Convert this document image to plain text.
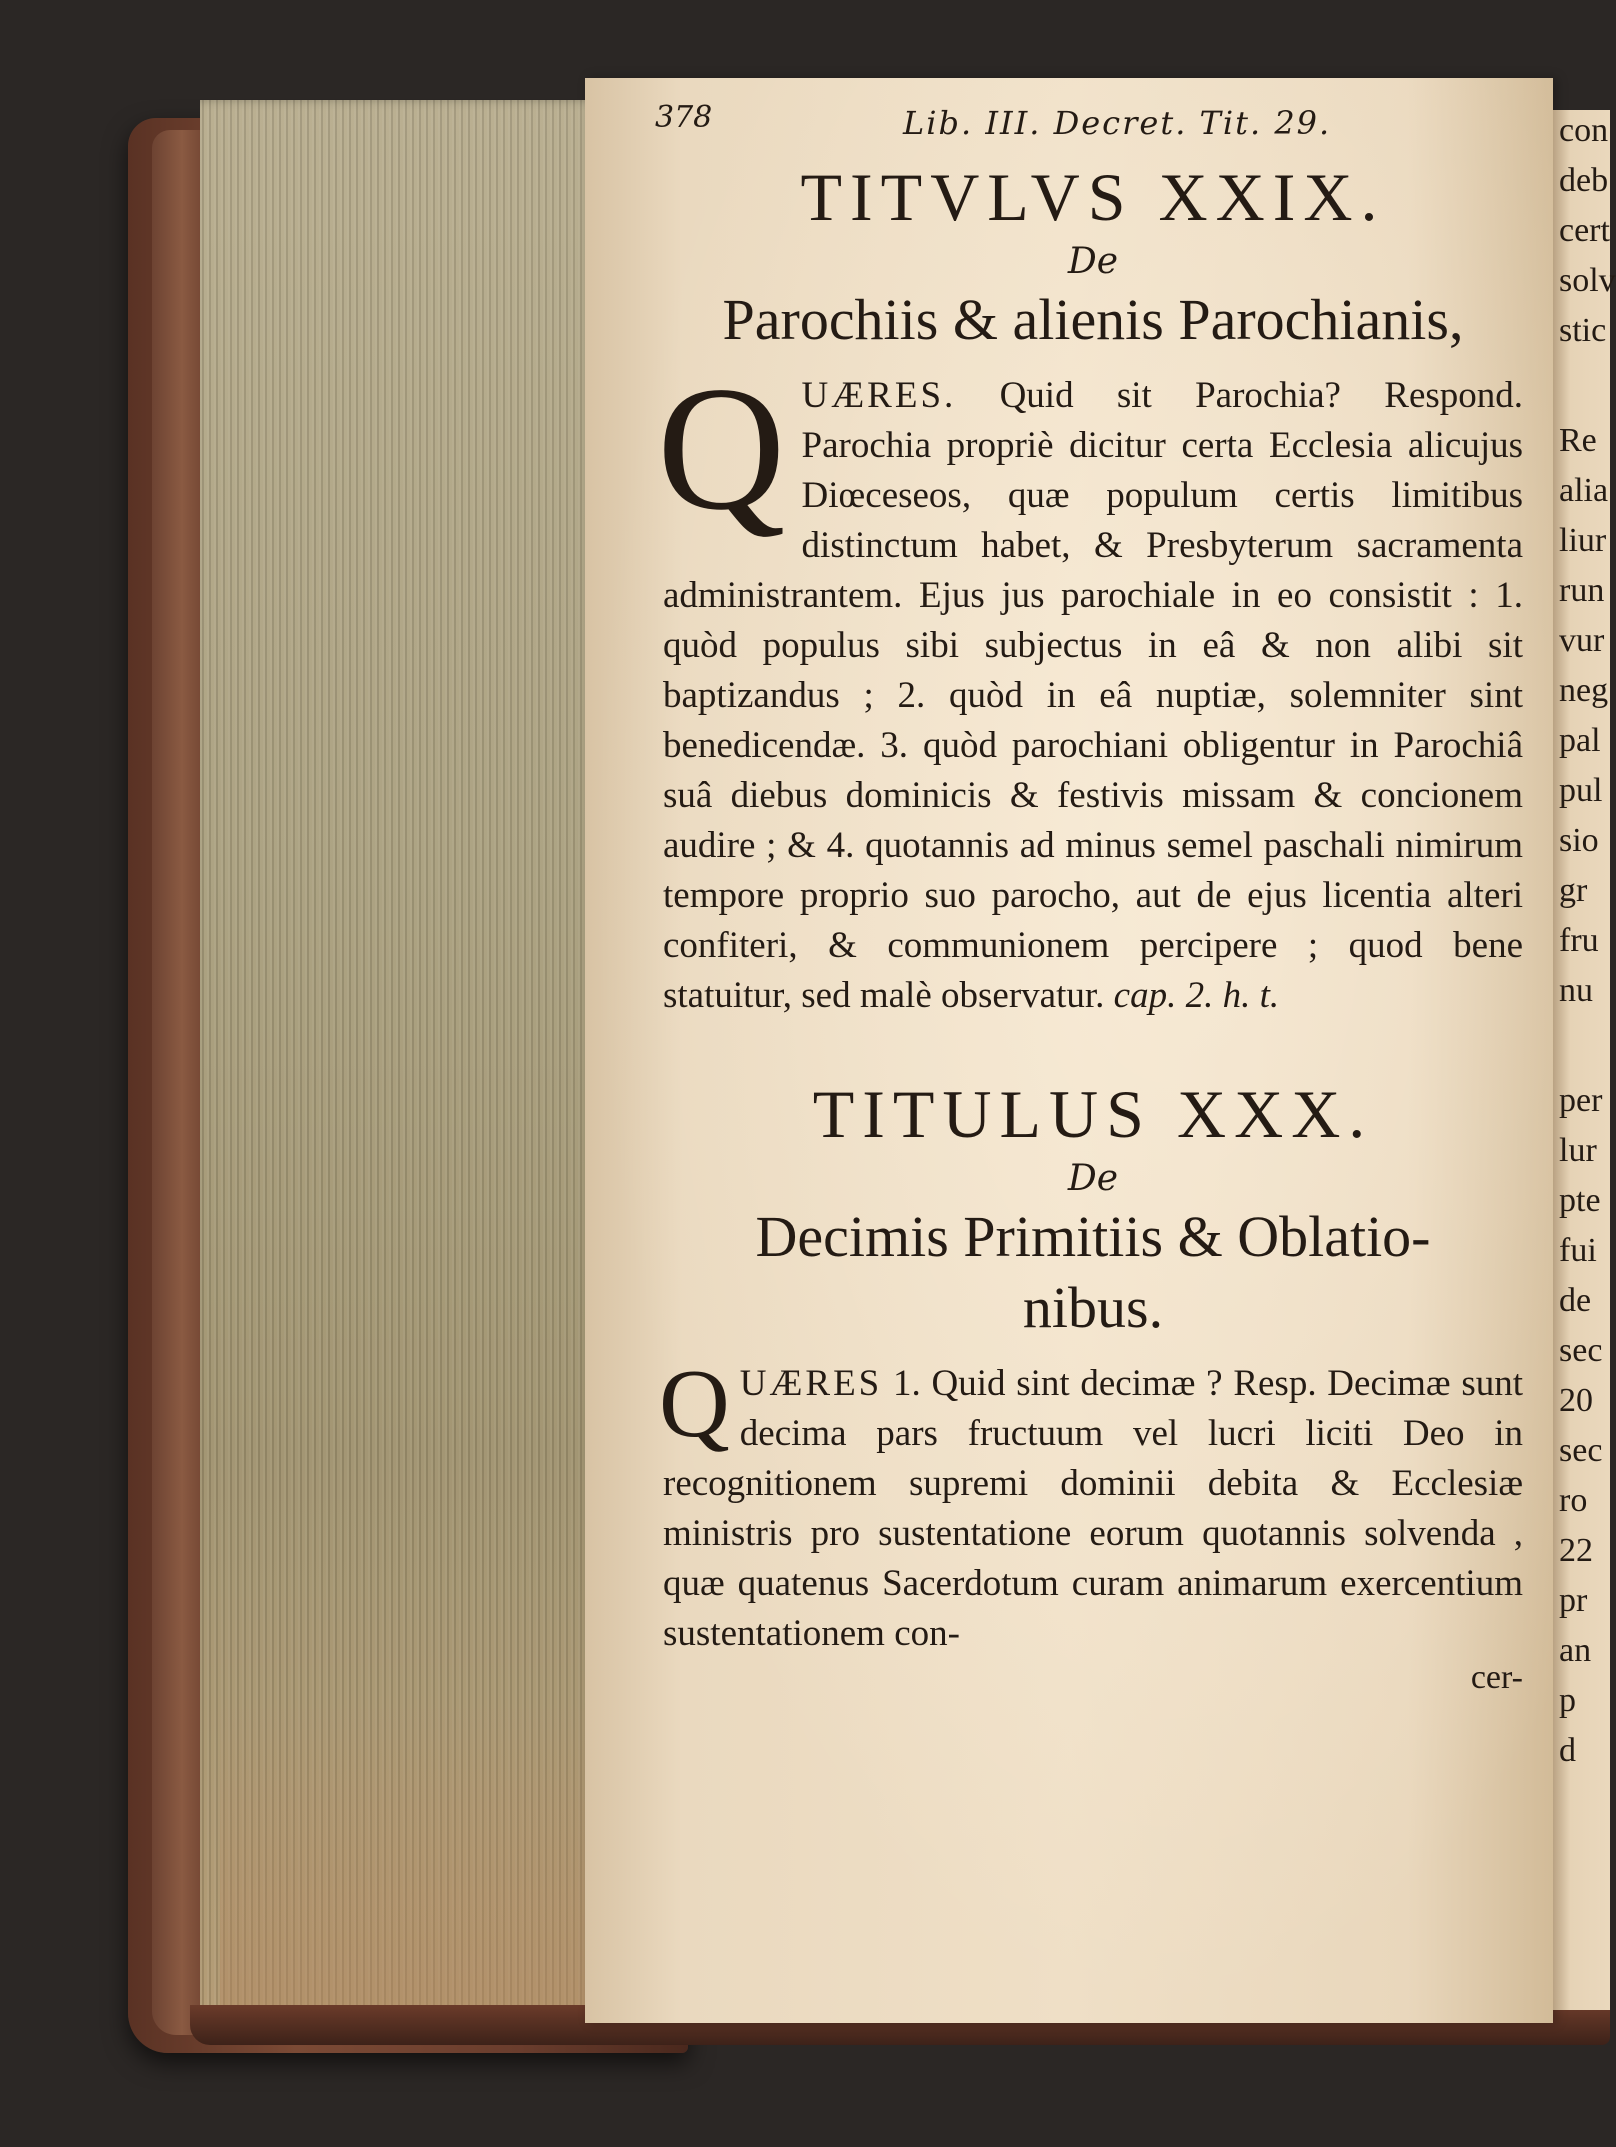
378	Lib. III. Decret. Tit. 29.
TITVLVS XXIX.
De
Parochiis & alienis Parochianis,

Q UÆRES. Quid sit Parochia? Respond. Parochia propriè dicitur certa Ecclesia alicujus Diœceseos, quæ populum certis limitibus distinctum habet, & Presbyterum sacramenta administrantem. Ejus jus parochiale in eo consistit : 1. quòd populus sibi subjectus in eâ & non alibi sit baptizandus ; 2. quòd in eâ nuptiæ, solemniter sint benedicendæ. 3. quòd parochiani obligentur in Parochiâ suâ diebus dominicis & festivis missam & concionem audire ; & 4. quotannis ad minus semel paschali nimirum tempore proprio suo parocho, aut de ejus licentia alteri confiteri, & communionem percipere ; quod bene statuitur, sed malè observatur. cap. 2. h. t.

TITULUS XXX.
De
Decimis Primitiis & Oblatio-
nibus.

Q UÆRES 1. Quid sint decimæ ? Resp. Decimæ sunt decima pars fructuum vel lucri liciti Deo in recognitionem supremi dominii debita & Ecclesiæ ministris pro sustentatione eorum quotannis solvenda , quæ quatenus Sacerdotum curam animarum exercentium sustentationem con-

cer-
con
deb
cert
solv
stic
Re
alia
liur
run
vur
neg
pal
pul
sio
gr
fru
nu
per
lur
pte
fui
de
sec
20
sec
ro
22
pr
an
p
d
